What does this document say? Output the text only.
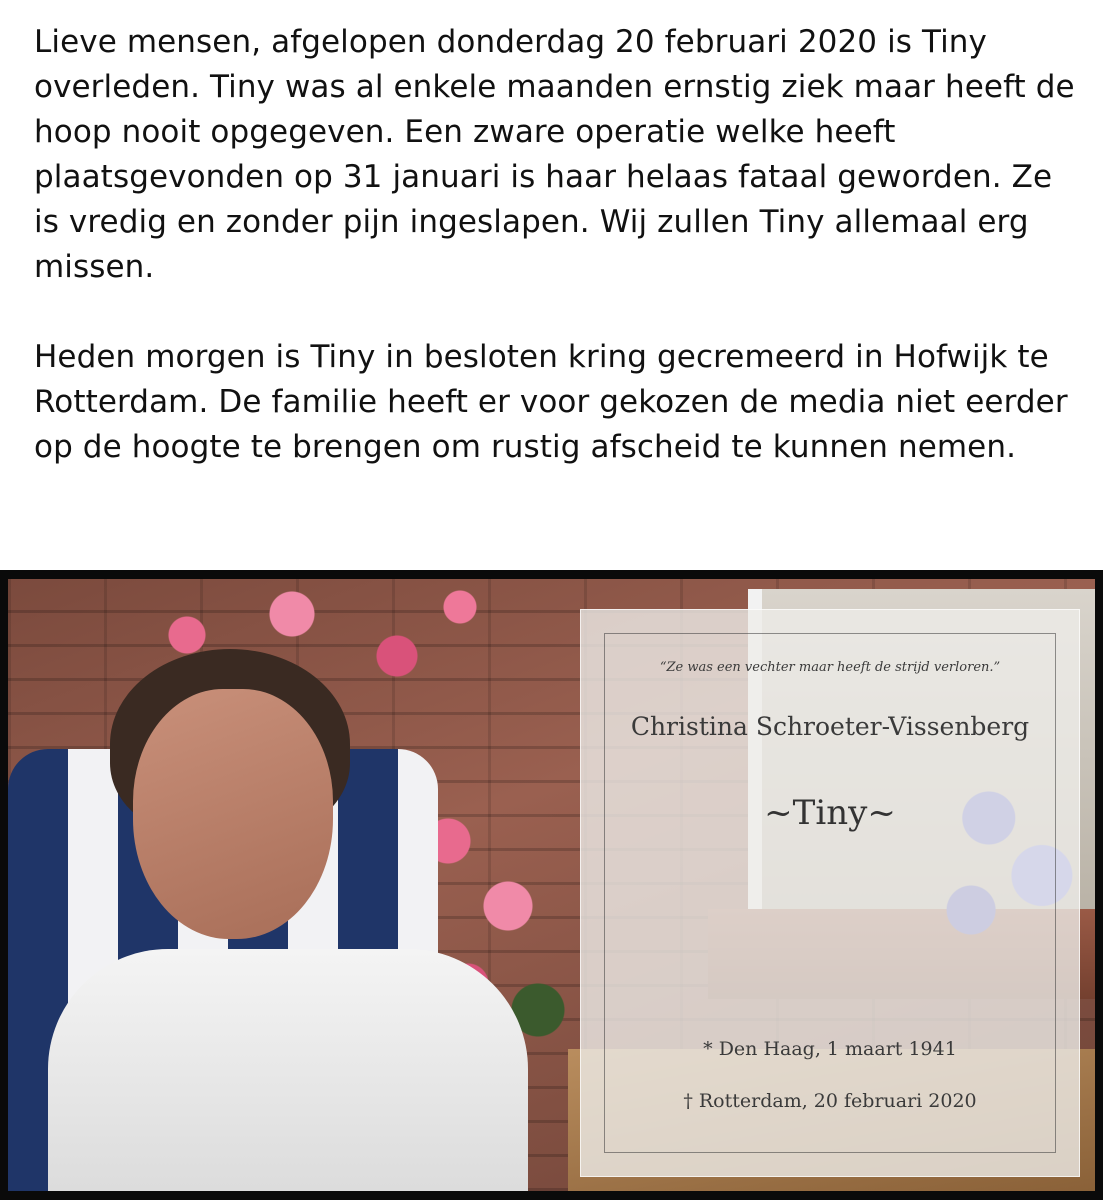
Lieve mensen, afgelopen donderdag 20 februari 2020 is Tiny overleden. Tiny was al enkele maanden ernstig ziek maar heeft de hoop nooit opgegeven. Een zware operatie welke heeft plaatsgevonden op 31 januari is haar helaas fataal geworden. Ze is vredig en zonder pijn ingeslapen. Wij zullen Tiny allemaal erg missen.

Heden morgen is Tiny in besloten kring gecremeerd in Hofwijk te Rotterdam. De familie heeft er voor gekozen de media niet eerder op de hoogte te brengen om rustig afscheid te kunnen nemen.

“Ze was een vechter maar heeft de strijd verloren.”
Christina Schroeter-Vissenberg
~Tiny~
* Den Haag, 1 maart 1941
† Rotterdam, 20 februari 2020
